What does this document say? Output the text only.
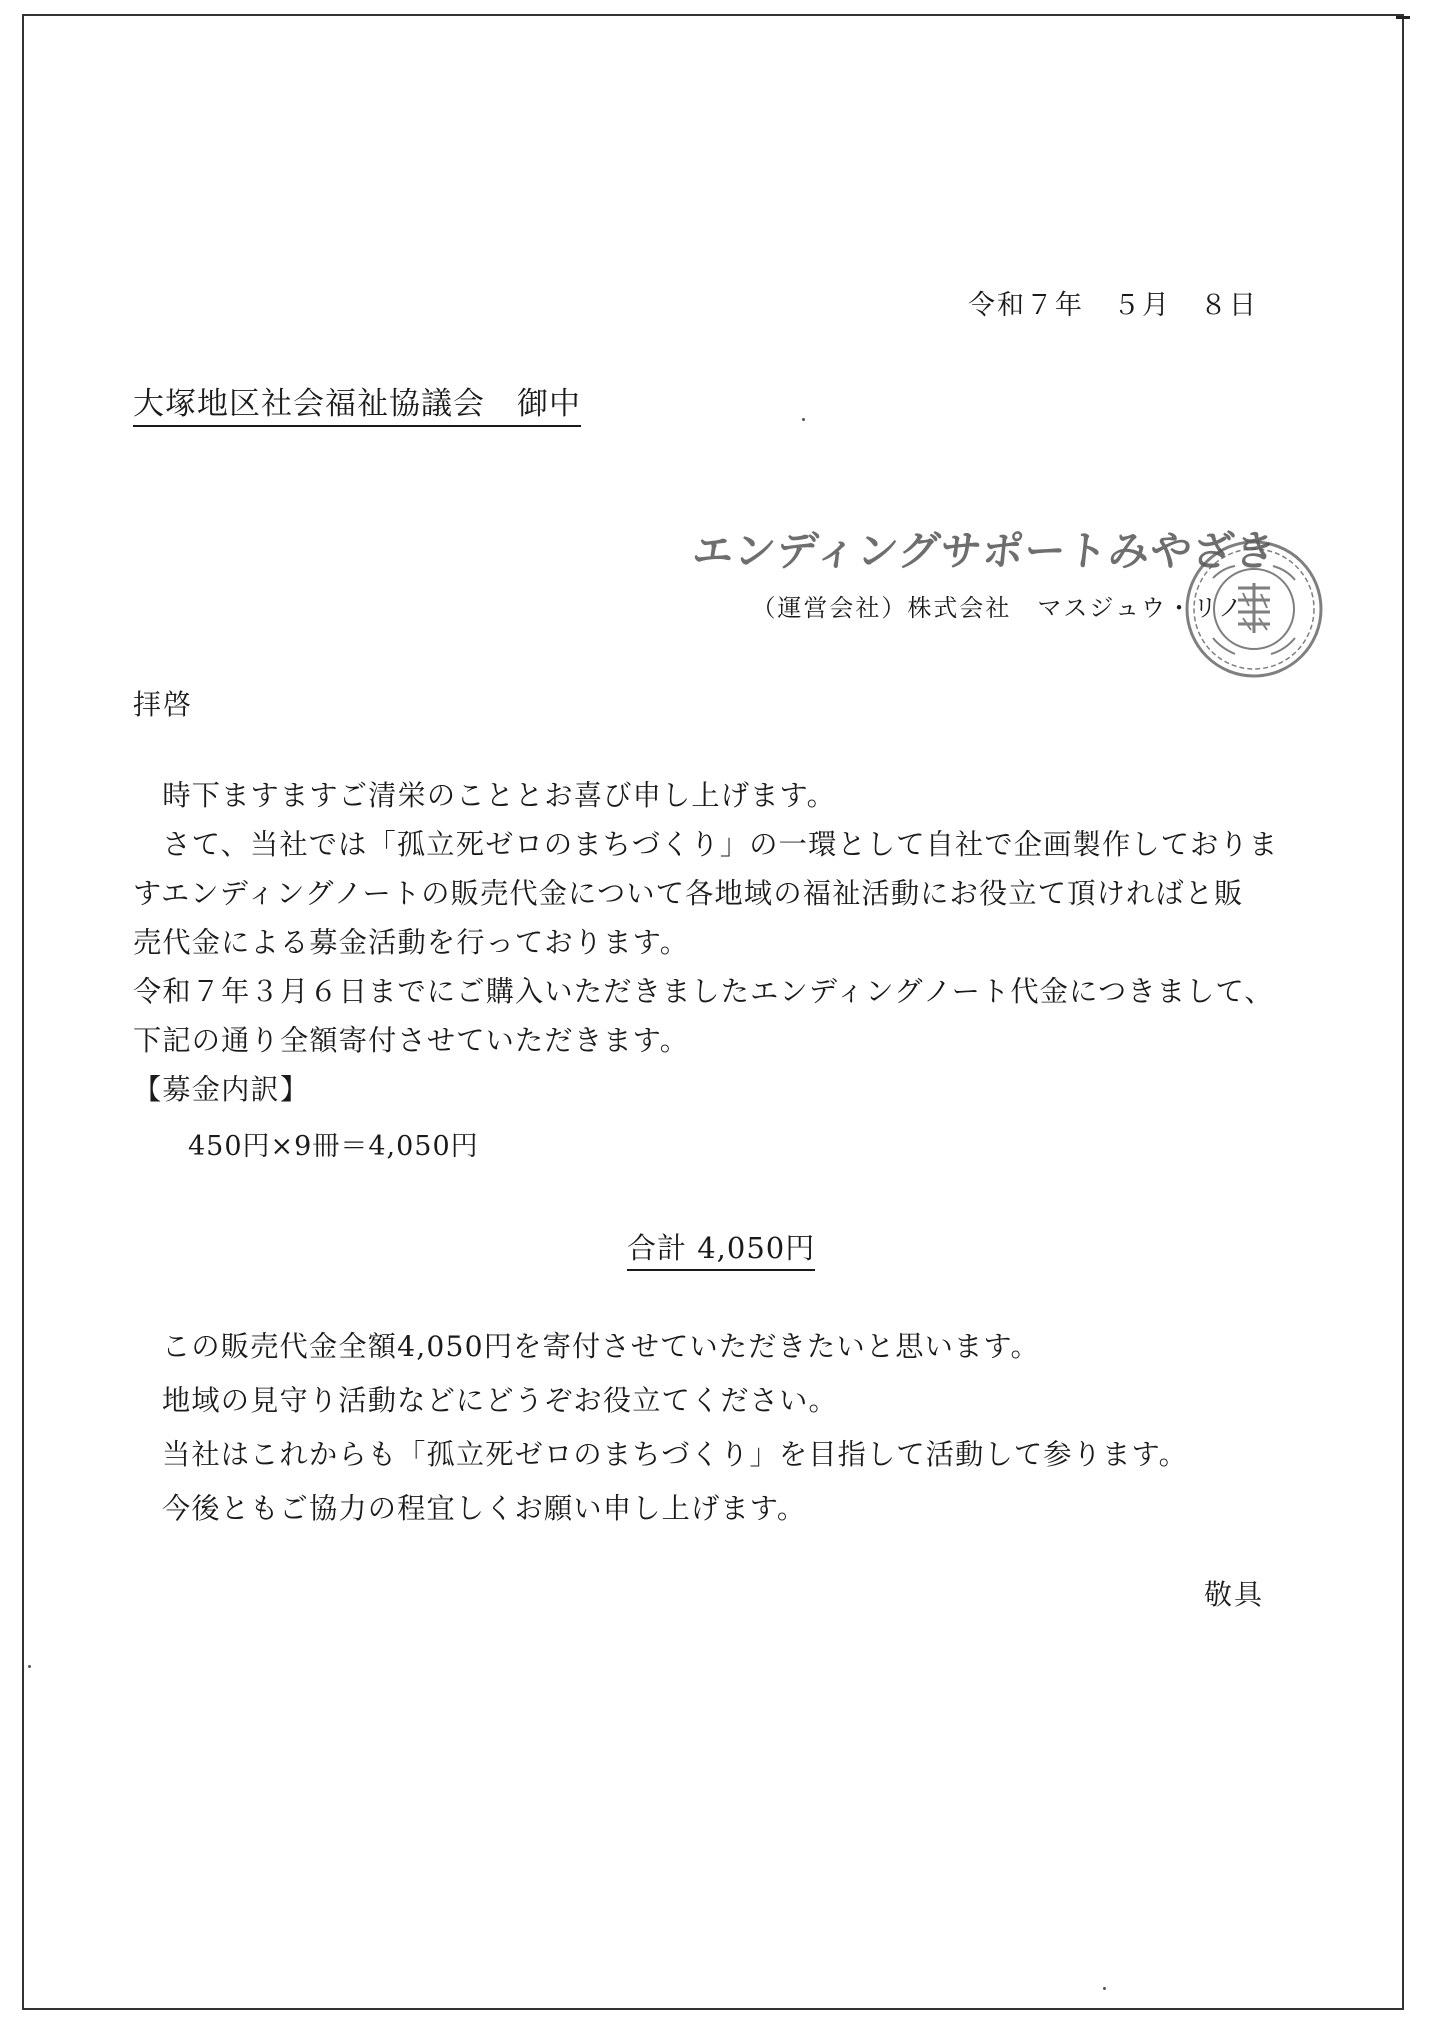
令和７年　５月　８日
大塚地区社会福祉協議会　御中
エンディングサポートみやざき
（運営会社）株式会社　マスジュウ・リノ
拝啓

　時下ますますご清栄のこととお喜び申し上げます。

　さて、当社では「孤立死ゼロのまちづくり」の一環として自社で企画製作しておりま

すエンディングノートの販売代金について各地域の福祉活動にお役立て頂ければと販

売代金による募金活動を行っております。

令和７年３月６日までにご購入いただきましたエンディングノート代金につきまして、

下記の通り全額寄付させていただきます。

【募金内訳】

450円×9冊＝4,050円
合計 4,050円

この販売代金全額4,050円を寄付させていただきたいと思います。

地域の見守り活動などにどうぞお役立てください。

当社はこれからも「孤立死ゼロのまちづくり」を目指して活動して参ります。

今後ともご協力の程宜しくお願い申し上げます。

敬具
